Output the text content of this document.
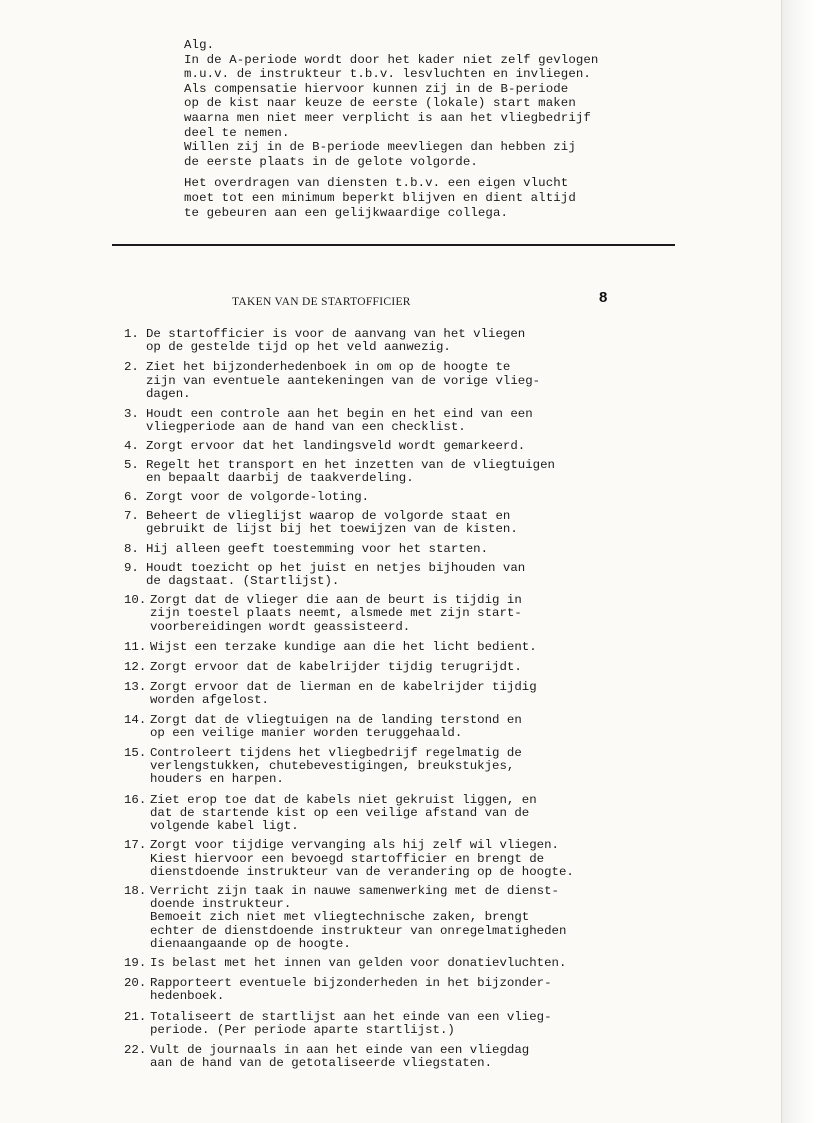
Alg.

In de A-periode wordt door het kader niet zelf gevlogen
m.u.v. de instrukteur t.b.v. lesvluchten en invliegen.
Als compensatie hiervoor kunnen zij in de B-periode
op de kist naar keuze de eerste (lokale) start maken
waarna men niet meer verplicht is aan het vliegbedrijf
deel te nemen.
Willen zij in de B-periode meevliegen dan hebben zij
de eerste plaats in de gelote volgorde.

Het overdragen van diensten t.b.v. een eigen vlucht
moet tot een minimum beperkt blijven en dient altijd
te gebeuren aan een gelijkwaardige collega.

TAKEN VAN DE STARTOFFICIER	8
1. De startofficier is voor de aanvang van het vliegen
op de gestelde tijd op het veld aanwezig.
2. Ziet het bijzonderhedenboek in om op de hoogte te
zijn van eventuele aantekeningen van de vorige vlieg-
dagen.
3. Houdt een controle aan het begin en het eind van een
vliegperiode aan de hand van een checklist.
4. Zorgt ervoor dat het landingsveld wordt gemarkeerd.
5. Regelt het transport en het inzetten van de vliegtuigen
en bepaalt daarbij de taakverdeling.
6. Zorgt voor de volgorde-loting.
7. Beheert de vlieglijst waarop de volgorde staat en
gebruikt de lijst bij het toewijzen van de kisten.
8. Hij alleen geeft toestemming voor het starten.
9. Houdt toezicht op het juist en netjes bijhouden van
de dagstaat. (Startlijst).
10. Zorgt dat de vlieger die aan de beurt is tijdig in
zijn toestel plaats neemt, alsmede met zijn start-
voorbereidingen wordt geassisteerd.
11. Wijst een terzake kundige aan die het licht bedient.
12. Zorgt ervoor dat de kabelrijder tijdig terugrijdt.
13. Zorgt ervoor dat de lierman en de kabelrijder tijdig
worden afgelost.
14. Zorgt dat de vliegtuigen na de landing terstond en
op een veilige manier worden teruggehaald.
15. Controleert tijdens het vliegbedrijf regelmatig de
verlengstukken, chutebevestigingen, breukstukjes,
houders en harpen.
16. Ziet erop toe dat de kabels niet gekruist liggen, en
dat de startende kist op een veilige afstand van de
volgende kabel ligt.
17. Zorgt voor tijdige vervanging als hij zelf wil vliegen.
Kiest hiervoor een bevoegd startofficier en brengt de
dienstdoende instrukteur van de verandering op de hoogte.
18. Verricht zijn taak in nauwe samenwerking met de dienst-
doende instrukteur.
Bemoeit zich niet met vliegtechnische zaken, brengt
echter de dienstdoende instrukteur van onregelmatigheden
dienaangaande op de hoogte.
19. Is belast met het innen van gelden voor donatievluchten.
20. Rapporteert eventuele bijzonderheden in het bijzonder-
hedenboek.
21. Totaliseert de startlijst aan het einde van een vlieg-
periode. (Per periode aparte startlijst.)
22. Vult de journaals in aan het einde van een vliegdag
aan de hand van de getotaliseerde vliegstaten.
